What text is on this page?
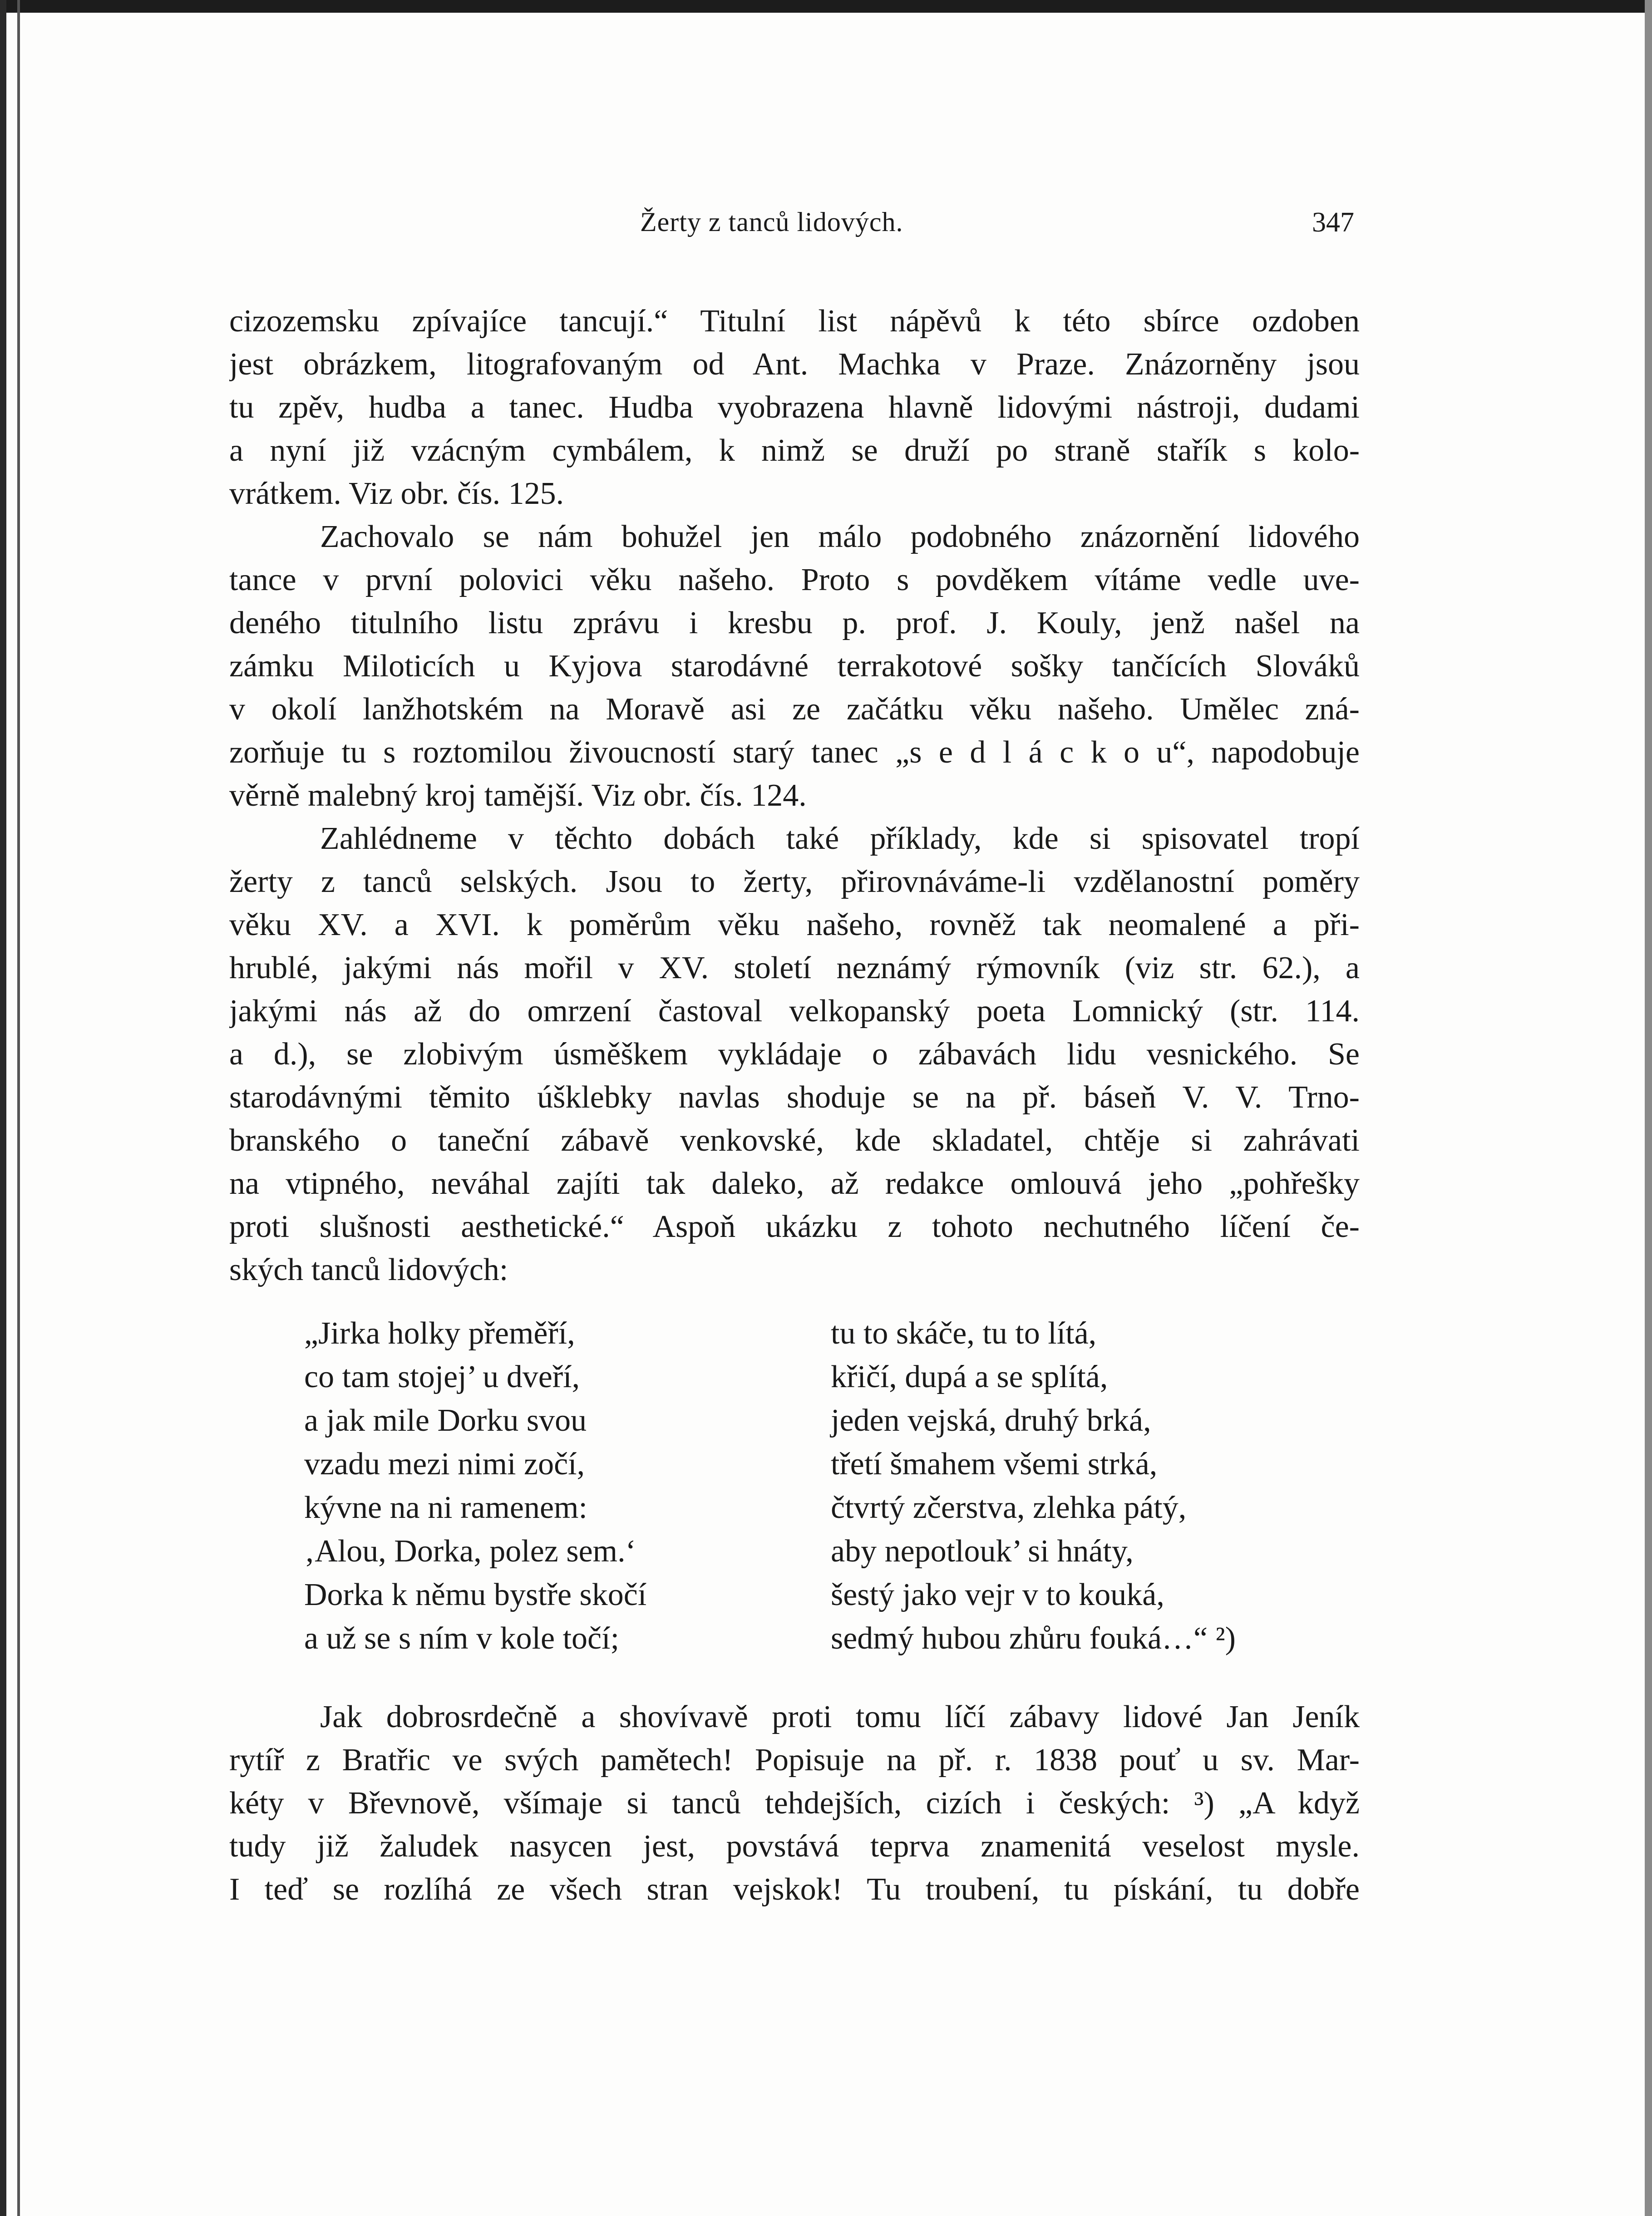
Žerty z tanců lidových.	347
cizozemsku zpívajíce tancují.“ Titulní list nápěvů k této sbírce ozdoben
jest obrázkem, litografovaným od Ant. Machka v Praze. Znázorněny jsou
tu zpěv, hudba a tanec. Hudba vyobrazena hlavně lidovými nástroji, dudami
a nyní již vzácným cymbálem, k nimž se druží po straně stařík s kolo-
vrátkem. Viz obr. čís. 125.
Zachovalo se nám bohužel jen málo podobného znázornění lidového
tance v první polovici věku našeho. Proto s povděkem vítáme vedle uve-
deného titulního listu zprávu i kresbu p. prof. J. Kouly, jenž našel na
zámku Miloticích u Kyjova starodávné terrakotové sošky tančících Slováků
v okolí lanžhotském na Moravě asi ze začátku věku našeho. Umělec zná-
zorňuje tu s roztomilou živoucností starý tanec „s e d l á c k o u“, napodobuje
věrně malebný kroj tamější. Viz obr. čís. 124.
Zahlédneme v těchto dobách také příklady, kde si spisovatel tropí
žerty z tanců selských. Jsou to žerty, přirovnáváme-li vzdělanostní poměry
věku XV. a XVI. k poměrům věku našeho, rovněž tak neomalené a při-
hrublé, jakými nás mořil v XV. století neznámý rýmovník (viz str. 62.), a
jakými nás až do omrzení častoval velkopanský poeta Lomnický (str. 114.
a d.), se zlobivým úsměškem vykládaje o zábavách lidu vesnického. Se
starodávnými těmito úšklebky navlas shoduje se na př. báseň V. V. Trno-
branského o taneční zábavě venkovské, kde skladatel, chtěje si zahrávati
na vtipného, neváhal zajíti tak daleko, až redakce omlouvá jeho „pohřešky
proti slušnosti aesthetické.“ Aspoň ukázku z tohoto nechutného líčení če-
ských tanců lidových:
„Jirka holky přeměří,
co tam stojej’ u dveří,
a jak mile Dorku svou
vzadu mezi nimi zočí,
kývne na ni ramenem:
‚Alou, Dorka, polez sem.‘
Dorka k němu bystře skočí
a už se s ním v kole točí;
tu to skáče, tu to lítá,
křičí, dupá a se splítá,
jeden vejská, druhý brká,
třetí šmahem všemi strká,
čtvrtý zčerstva, zlehka pátý,
aby nepotlouk’ si hnáty,
šestý jako vejr v to kouká,
sedmý hubou zhůru fouká…“ ²)
Jak dobrosrdečně a shovívavě proti tomu líčí zábavy lidové Jan Jeník
rytíř z Bratřic ve svých pamětech! Popisuje na př. r. 1838 pouť u sv. Mar-
kéty v Břevnově, všímaje si tanců tehdejších, cizích i českých: ³) „A když
tudy již žaludek nasycen jest, povstává teprva znamenitá veselost mysle.
I teď se rozlíhá ze všech stran vejskok! Tu troubení, tu pískání, tu dobře
